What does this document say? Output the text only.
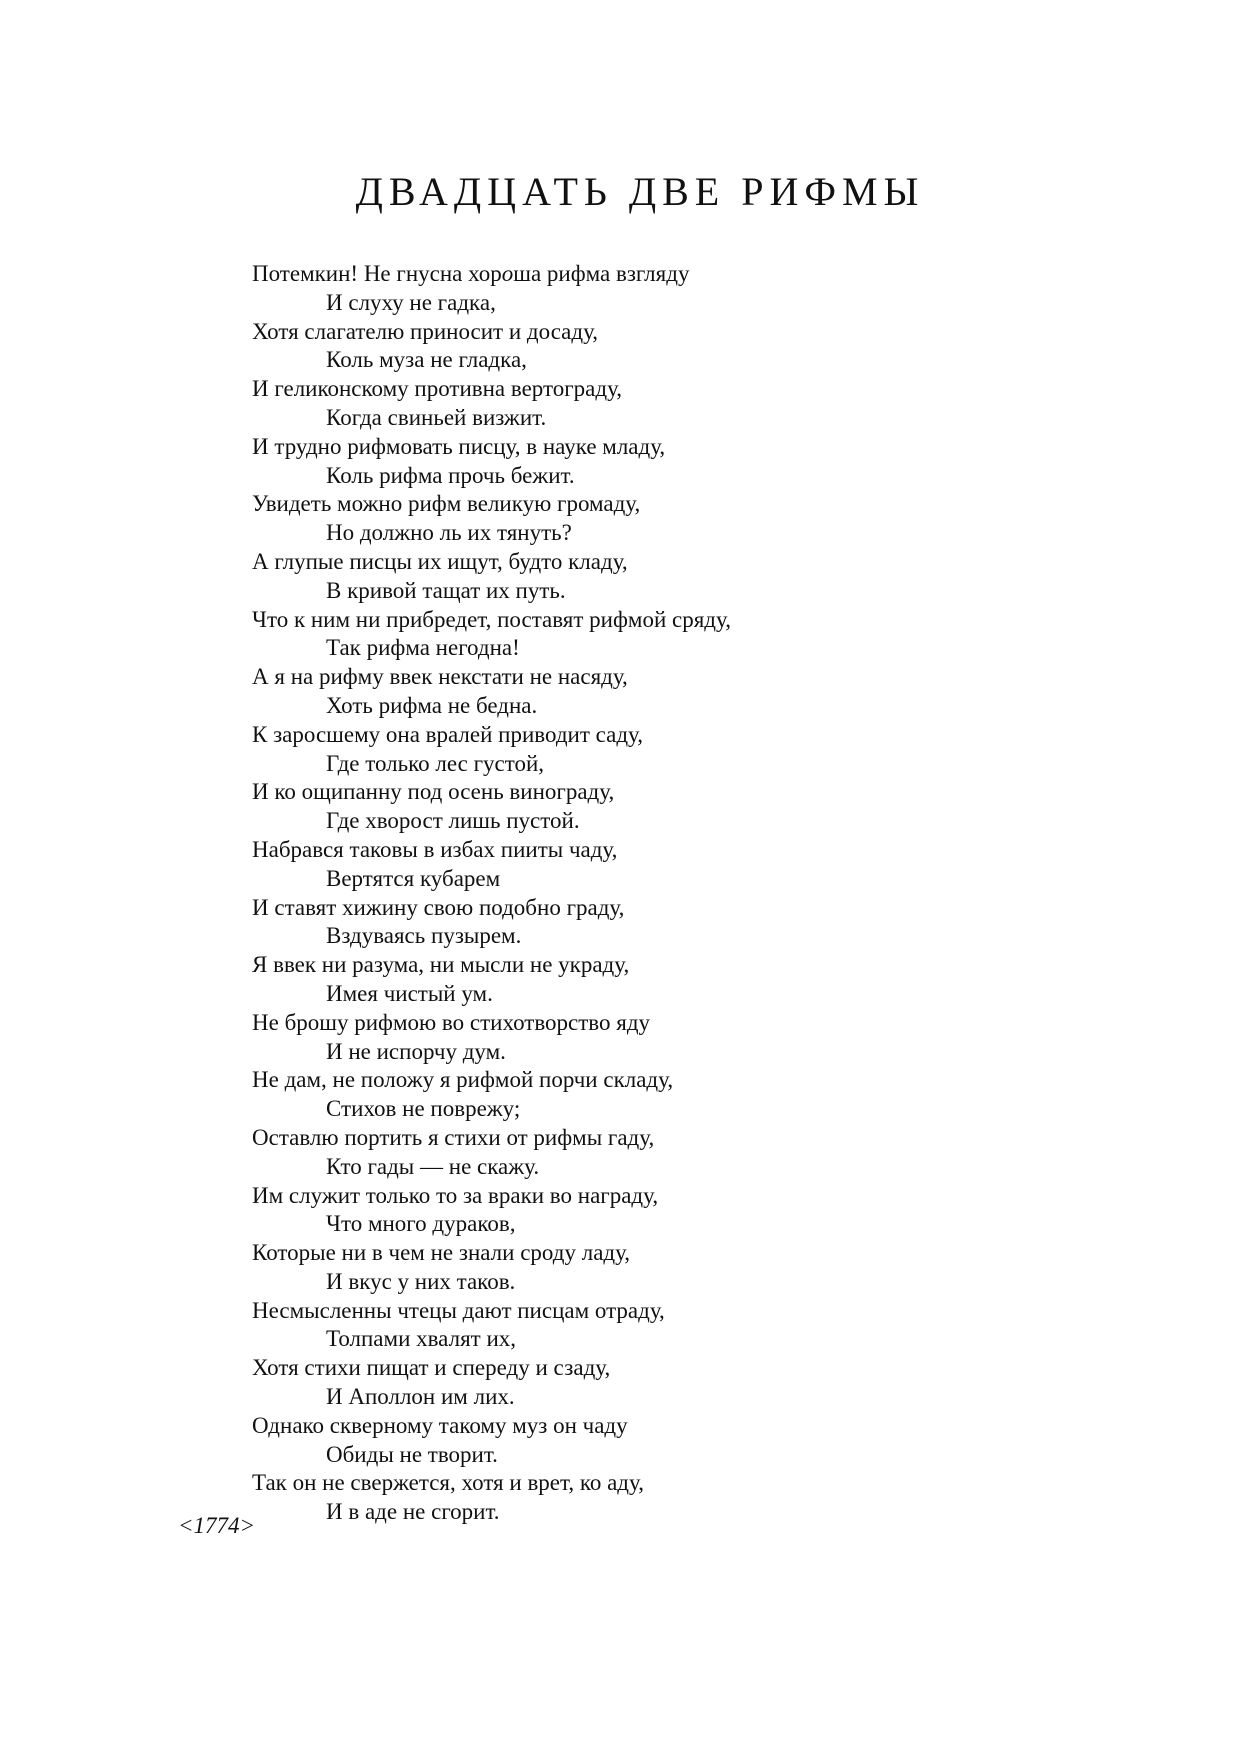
ДВАДЦАТЬ ДВЕ РИФМЫ
Потемкин! Не гнусна хороша рифма взгляду
И слуху не гадка,
Хотя слагателю приносит и досаду,
Коль муза не гладка,
И геликонскому противна вертограду,
Когда свиньей визжит.
И трудно рифмовать писцу, в науке младу,
Коль рифма прочь бежит.
Увидеть можно рифм великую громаду,
Но должно ль их тянуть?
А глупые писцы их ищут, будто кладу,
В кривой тащат их путь.
Что к ним ни прибредет, поставят рифмой сряду,
Так рифма негодна!
А я на рифму ввек некстати не насяду,
Хоть рифма не бедна.
К заросшему она вралей приводит саду,
Где только лес густой,
И ко ощипанну под осень винограду,
Где хворост лишь пустой.
Набрався таковы в избах пииты чаду,
Вертятся кубарем
И ставят хижину свою подобно граду,
Вздуваясь пузырем.
Я ввек ни разума, ни мысли не украду,
Имея чистый ум.
Не брошу рифмою во стихотворство яду
И не испорчу дум.
Не дам, не положу я рифмой порчи складу,
Стихов не поврежу;
Оставлю портить я стихи от рифмы гаду,
Кто гады — не скажу.
Им служит только то за враки во награду,
Что много дураков,
Которые ни в чем не знали сроду ладу,
И вкус у них таков.
Несмысленны чтецы дают писцам отраду,
Толпами хвалят их,
Хотя стихи пищат и спереду и сзаду,
И Аполлон им лих.
Однако скверному такому муз он чаду
Обиды не творит.
Так он не свержется, хотя и врет, ко аду,
И в аде не сгорит.
<1774>
